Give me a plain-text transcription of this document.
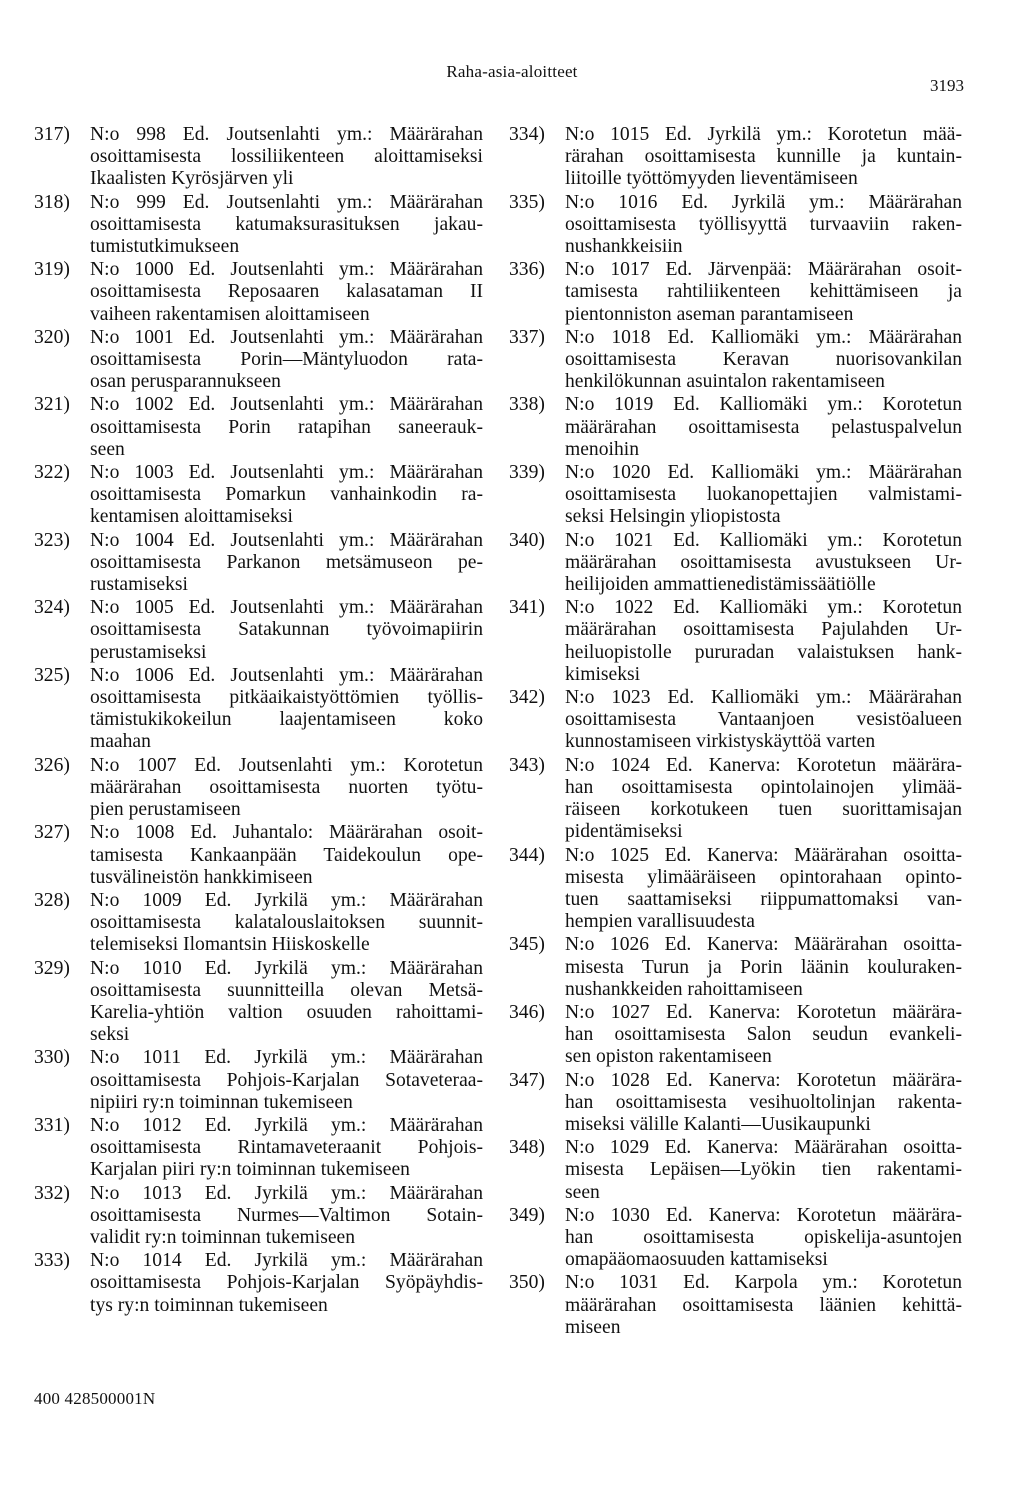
Raha-asia-aloitteet
3193
317)	N:o 998 Ed. Joutsenlahti ym.: Määrärahan
osoittamisesta lossiliikenteen aloittamiseksi
Ikaalisten Kyrösjärven yli
318)	N:o 999 Ed. Joutsenlahti ym.: Määrärahan
osoittamisesta katumaksurasituksen jakau-
tumistutkimukseen
319)	N:o 1000 Ed. Joutsenlahti ym.: Määrärahan
osoittamisesta Reposaaren kalasataman II
vaiheen rakentamisen aloittamiseen
320)	N:o 1001 Ed. Joutsenlahti ym.: Määrärahan
osoittamisesta Porin—Mäntyluodon rata-
osan perusparannukseen
321)	N:o 1002 Ed. Joutsenlahti ym.: Määrärahan
osoittamisesta Porin ratapihan saneerauk-
seen
322)	N:o 1003 Ed. Joutsenlahti ym.: Määrärahan
osoittamisesta Pomarkun vanhainkodin ra-
kentamisen aloittamiseksi
323)	N:o 1004 Ed. Joutsenlahti ym.: Määrärahan
osoittamisesta Parkanon metsämuseon pe-
rustamiseksi
324)	N:o 1005 Ed. Joutsenlahti ym.: Määrärahan
osoittamisesta Satakunnan työvoimapiirin
perustamiseksi
325)	N:o 1006 Ed. Joutsenlahti ym.: Määrärahan
osoittamisesta pitkäaikaistyöttömien työllis-
tämistukikokeilun laajentamiseen koko
maahan
326)	N:o 1007 Ed. Joutsenlahti ym.: Korotetun
määrärahan osoittamisesta nuorten työtu-
pien perustamiseen
327)	N:o 1008 Ed. Juhantalo: Määrärahan osoit-
tamisesta Kankaanpään Taidekoulun ope-
tusvälineistön hankkimiseen
328)	N:o 1009 Ed. Jyrkilä ym.: Määrärahan
osoittamisesta kalatalouslaitoksen suunnit-
telemiseksi Ilomantsin Hiiskoskelle
329)	N:o 1010 Ed. Jyrkilä ym.: Määrärahan
osoittamisesta suunnitteilla olevan Metsä-
Karelia-yhtiön valtion osuuden rahoittami-
seksi
330)	N:o 1011 Ed. Jyrkilä ym.: Määrärahan
osoittamisesta Pohjois-Karjalan Sotaveteraa-
nipiiri ry:n toiminnan tukemiseen
331)	N:o 1012 Ed. Jyrkilä ym.: Määrärahan
osoittamisesta Rintamaveteraanit Pohjois-
Karjalan piiri ry:n toiminnan tukemiseen
332)	N:o 1013 Ed. Jyrkilä ym.: Määrärahan
osoittamisesta Nurmes—Valtimon Sotain-
validit ry:n toiminnan tukemiseen
333)	N:o 1014 Ed. Jyrkilä ym.: Määrärahan
osoittamisesta Pohjois-Karjalan Syöpäyhdis-
tys ry:n toiminnan tukemiseen
334)	N:o 1015 Ed. Jyrkilä ym.: Korotetun mää-
rärahan osoittamisesta kunnille ja kuntain-
liitoille työttömyyden lieventämiseen
335)	N:o 1016 Ed. Jyrkilä ym.: Määrärahan
osoittamisesta työllisyyttä turvaaviin raken-
nushankkeisiin
336)	N:o 1017 Ed. Järvenpää: Määrärahan osoit-
tamisesta rahtiliikenteen kehittämiseen ja
pientonniston aseman parantamiseen
337)	N:o 1018 Ed. Kalliomäki ym.: Määrärahan
osoittamisesta Keravan nuorisovankilan
henkilökunnan asuintalon rakentamiseen
338)	N:o 1019 Ed. Kalliomäki ym.: Korotetun
määrärahan osoittamisesta pelastuspalvelun
menoihin
339)	N:o 1020 Ed. Kalliomäki ym.: Määrärahan
osoittamisesta luokanopettajien valmistami-
seksi Helsingin yliopistosta
340)	N:o 1021 Ed. Kalliomäki ym.: Korotetun
määrärahan osoittamisesta avustukseen Ur-
heilijoiden ammattienedistämissäätiölle
341)	N:o 1022 Ed. Kalliomäki ym.: Korotetun
määrärahan osoittamisesta Pajulahden Ur-
heiluopistolle pururadan valaistuksen hank-
kimiseksi
342)	N:o 1023 Ed. Kalliomäki ym.: Määrärahan
osoittamisesta Vantaanjoen vesistöalueen
kunnostamiseen virkistyskäyttöä varten
343)	N:o 1024 Ed. Kanerva: Korotetun määrära-
han osoittamisesta opintolainojen ylimää-
räiseen korkotukeen tuen suorittamisajan
pidentämiseksi
344)	N:o 1025 Ed. Kanerva: Määrärahan osoitta-
misesta ylimääräiseen opintorahaan opinto-
tuen saattamiseksi riippumattomaksi van-
hempien varallisuudesta
345)	N:o 1026 Ed. Kanerva: Määrärahan osoitta-
misesta Turun ja Porin läänin kouluraken-
nushankkeiden rahoittamiseen
346)	N:o 1027 Ed. Kanerva: Korotetun määrära-
han osoittamisesta Salon seudun evankeli-
sen opiston rakentamiseen
347)	N:o 1028 Ed. Kanerva: Korotetun määrära-
han osoittamisesta vesihuoltolinjan rakenta-
miseksi välille Kalanti—Uusikaupunki
348)	N:o 1029 Ed. Kanerva: Määrärahan osoitta-
misesta Lepäisen—Lyökin tien rakentami-
seen
349)	N:o 1030 Ed. Kanerva: Korotetun määrära-
han osoittamisesta opiskelija-asuntojen
omapääomaosuuden kattamiseksi
350)	N:o 1031 Ed. Karpola ym.: Korotetun
määrärahan osoittamisesta läänien kehittä-
miseen
400 428500001N
